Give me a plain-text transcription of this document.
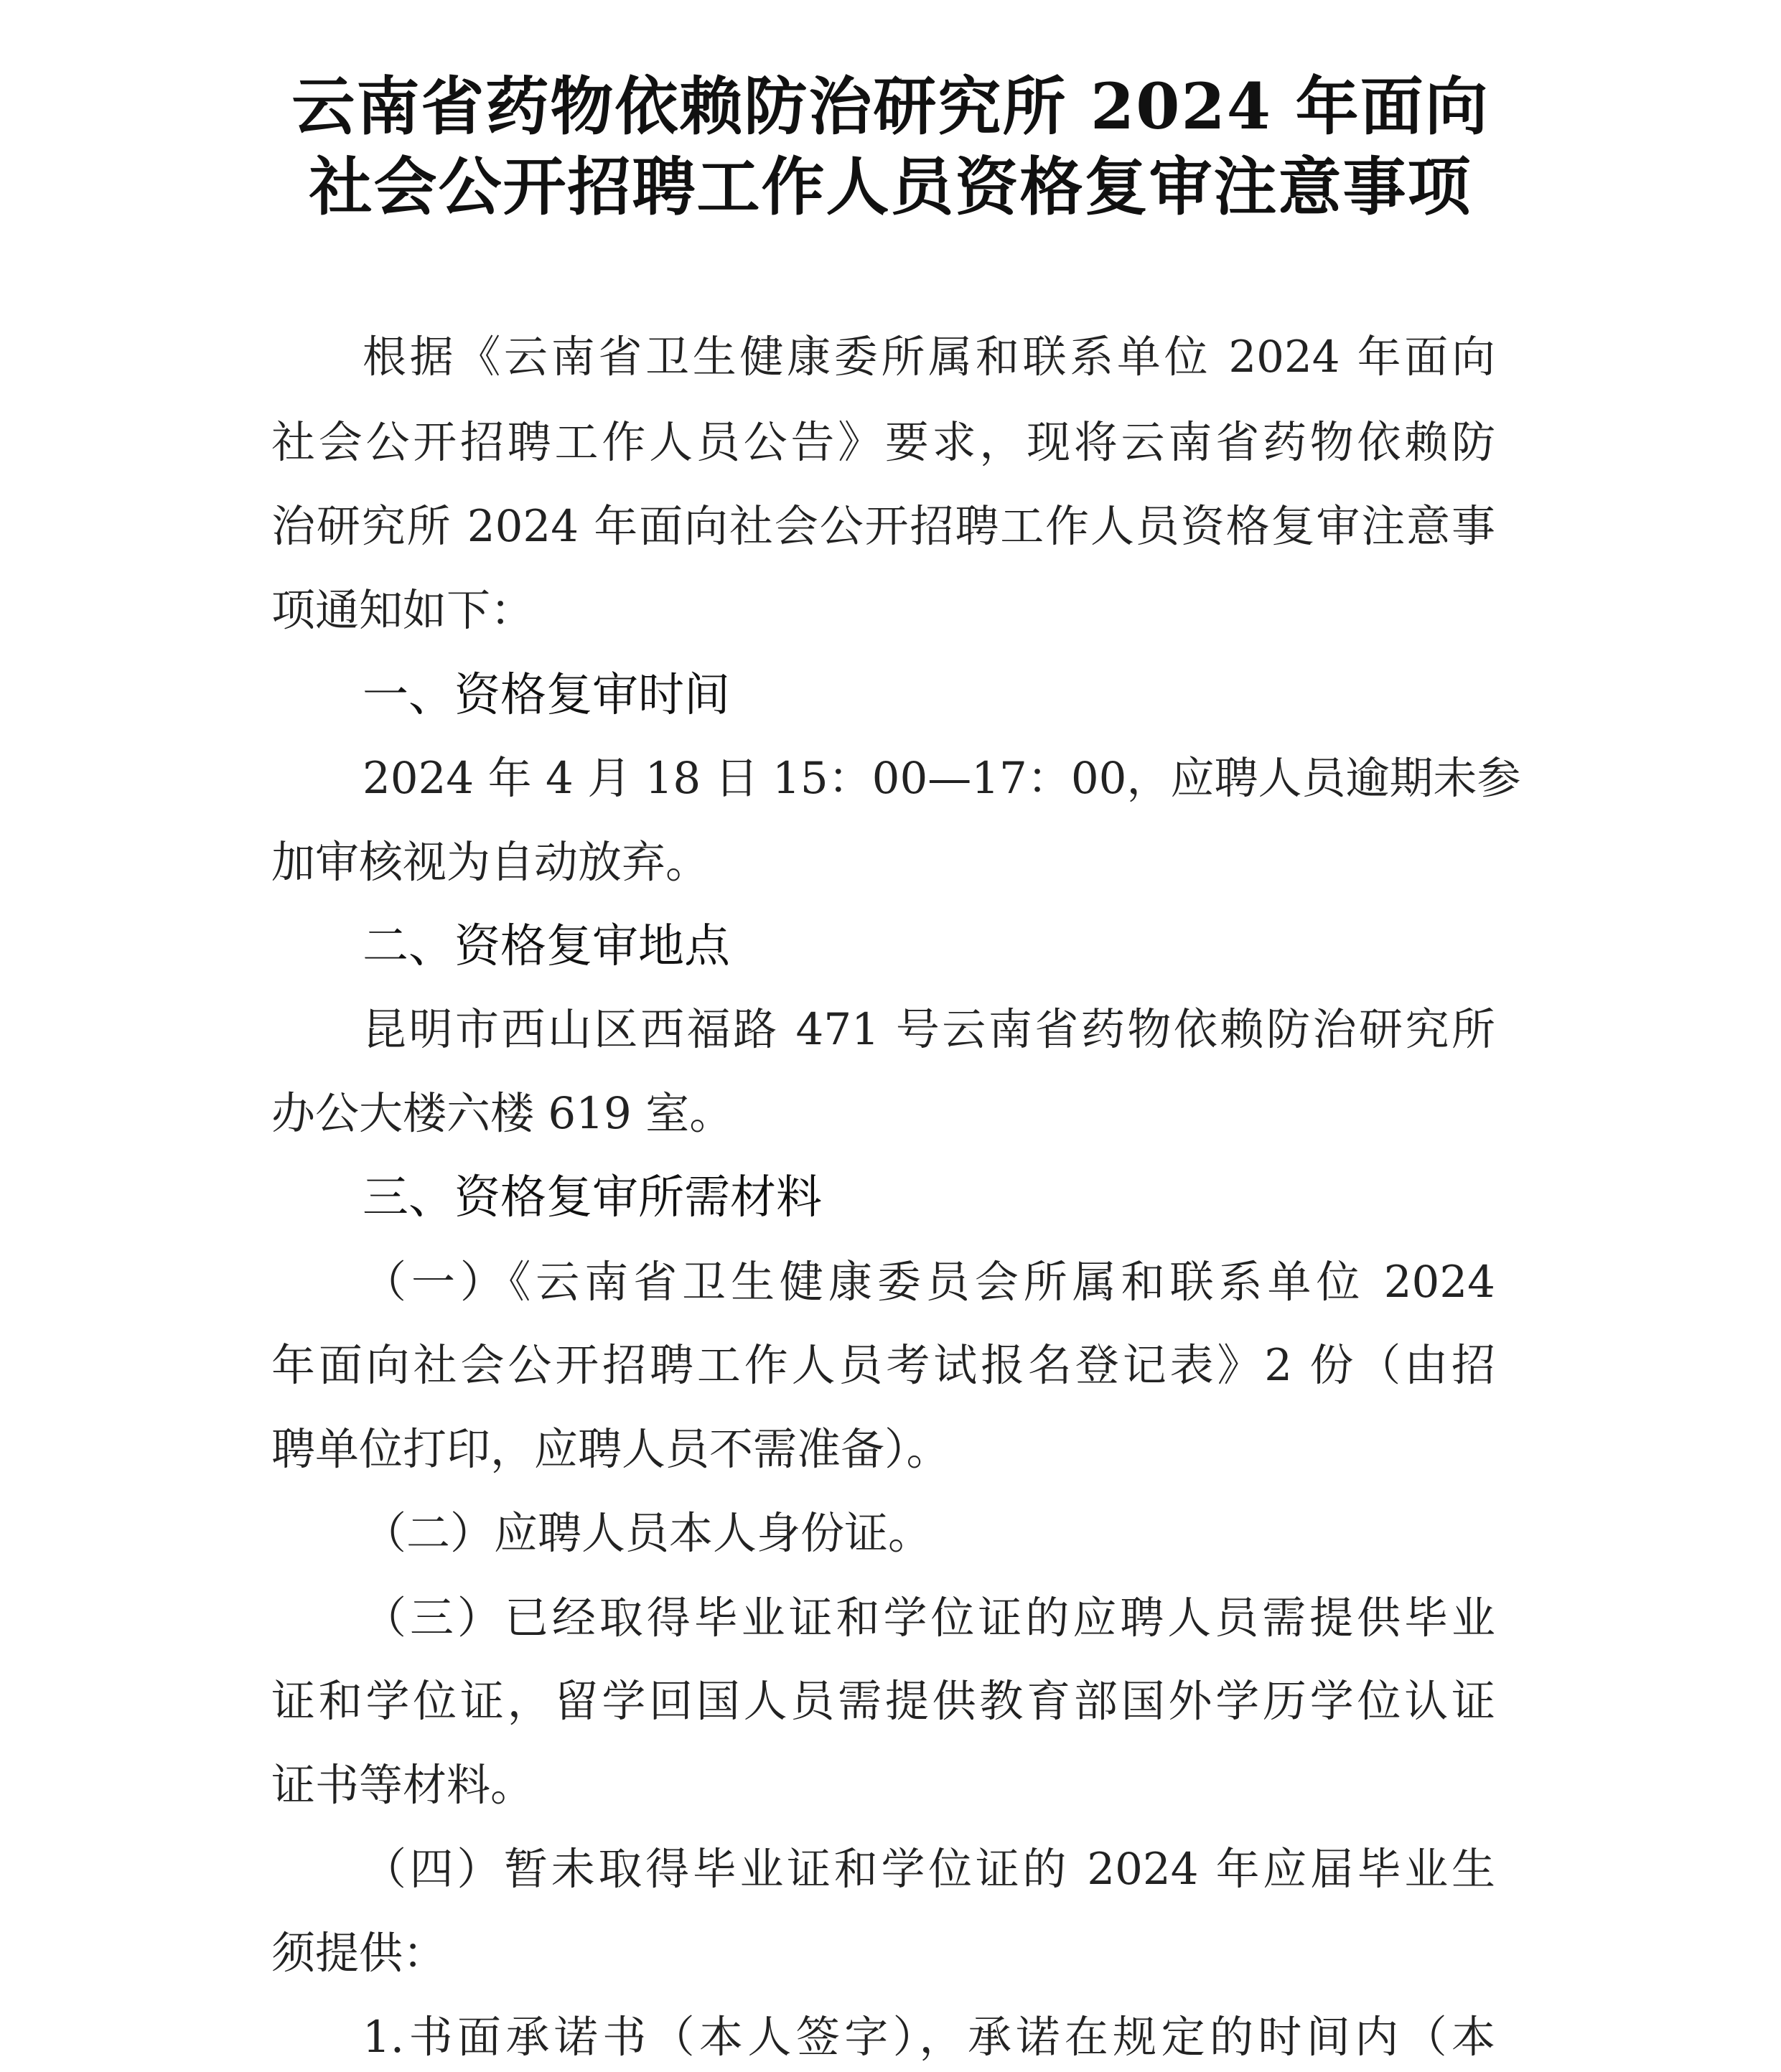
云南省药物依赖防治研究所 2024 年面向
社会公开招聘工作人员资格复审注意事项
根据《云南省卫生健康委所属和联系单位 2024 年面向
社会公开招聘工作人员公告》要求，现将云南省药物依赖防
治研究所 2024 年面向社会公开招聘工作人员资格复审注意事
项通知如下：
一、资格复审时间
2024 年 4 月 18 日 15：00—17：00，应聘人员逾期未参
加审核视为自动放弃。
二、资格复审地点
昆明市西山区西福路 471 号云南省药物依赖防治研究所
办公大楼六楼 619 室。
三、资格复审所需材料
（一）《云南省卫生健康委员会所属和联系单位 2024
年面向社会公开招聘工作人员考试报名登记表》2 份（由招
聘单位打印，应聘人员不需准备）。
（二）应聘人员本人身份证。
（三）已经取得毕业证和学位证的应聘人员需提供毕业
证和学位证，留学回国人员需提供教育部国外学历学位认证
证书等材料。
（四）暂未取得毕业证和学位证的 2024 年应届毕业生
须提供：
1.书面承诺书（本人签字），承诺在规定的时间内（本
